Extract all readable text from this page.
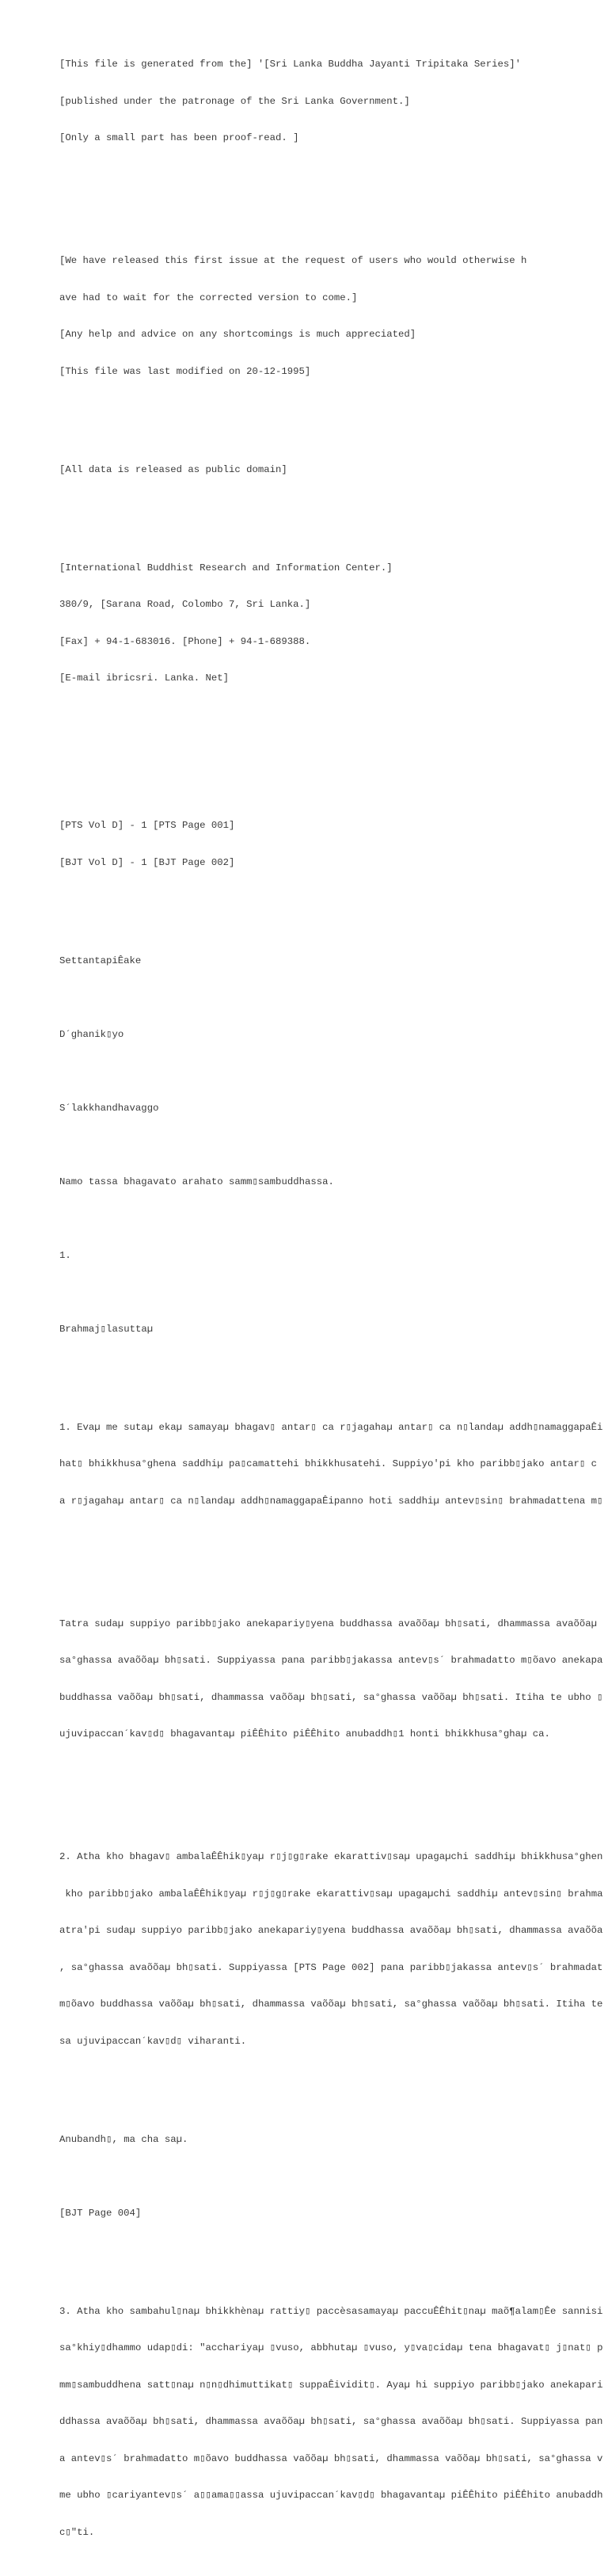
[This file is generated from the] '[Sri Lanka Buddha Jayanti Tripitaka Series]'

[published under the patronage of the Sri Lanka Government.]

[Only a small part has been proof-read. ]

[We have released this first issue at the request of users who would otherwise h

ave had to wait for the corrected version to come.]

[Any help and advice on any shortcomings is much appreciated]

[This file was last modified on 20-12-1995]

[All data is released as public domain]

[International Buddhist Research and Information Center.]

380/9, [Sarana Road, Colombo 7, Sri Lanka.]

[Fax] + 94-1-683016. [Phone] + 94-1-689388.

[E-mail ibricsri. Lanka. Net]

[PTS Vol D] - 1 [PTS Page 001]

[BJT Vol D] - 1 [BJT Page 002]

SettantapiÊake

D´ghanik▯yo

S´lakkhandhavaggo

Namo tassa bhagavato arahato samm▯sambuddhassa.

1.

Brahmaj▯lasuttaµ

1. Evaµ me sutaµ ekaµ samayaµ bhagav▯ antar▯ ca r▯jagahaµ antar▯ ca n▯landaµ addh▯namaggapaÊi

hat▯ bhikkhusa°ghena saddhiµ pa▯camattehi bhikkhusatehi. Suppiyo'pi kho paribb▯jako antar▯ c

a r▯jagahaµ antar▯ ca n▯landaµ addh▯namaggapaÊipanno hoti saddhiµ antev▯sin▯ brahmadattena m▯

Tatra sudaµ suppiyo paribb▯jako anekapariy▯yena buddhassa avaõõaµ bh▯sati, dhammassa avaõõaµ

sa°ghassa avaõõaµ bh▯sati. Suppiyassa pana paribb▯jakassa antev▯s´ brahmadatto m▯õavo anekapa

buddhassa vaõõaµ bh▯sati, dhammassa vaõõaµ bh▯sati, sa°ghassa vaõõaµ bh▯sati. Itiha te ubho ▯

ujuvipaccan´kav▯d▯ bhagavantaµ piÊÊhito piÊÊhito anubaddh▯1 honti bhikkhusa°ghaµ ca.

2. Atha kho bhagav▯ ambalaÊÊhik▯yaµ r▯j▯g▯rake ekarattiv▯saµ upagaµchi saddhiµ bhikkhusa°ghen

kho paribb▯jako ambalaÊÊhik▯yaµ r▯j▯g▯rake ekarattiv▯saµ upagaµchi saddhiµ antev▯sin▯ brahma

atra'pi sudaµ suppiyo paribb▯jako anekapariy▯yena buddhassa avaõõaµ bh▯sati, dhammassa avaõõa

, sa°ghassa avaõõaµ bh▯sati. Suppiyassa [PTS Page 002] pana paribb▯jakassa antev▯s´ brahmadat

m▯õavo buddhassa vaõõaµ bh▯sati, dhammassa vaõõaµ bh▯sati, sa°ghassa vaõõaµ bh▯sati. Itiha te

sa ujuvipaccan´kav▯d▯ viharanti.

Anubandh▯, ma cha saµ.

[BJT Page 004]

3. Atha kho sambahul▯naµ bhikkhènaµ rattiy▯ paccèsasamayaµ paccuÊÊhit▯naµ maõ¶alam▯Êe sannisi

sa°khiy▯dhammo udap▯di: "acchariyaµ ▯vuso, abbhutaµ ▯vuso, y▯va▯cidaµ tena bhagavat▯ j▯nat▯ p

mm▯sambuddhena satt▯naµ n▯n▯dhimuttikat▯ suppaÊividit▯. Ayaµ hi suppiyo paribb▯jako anekapari

ddhassa avaõõaµ bh▯sati, dhammassa avaõõaµ bh▯sati, sa°ghassa avaõõaµ bh▯sati. Suppiyassa pan

a antev▯s´ brahmadatto m▯õavo buddhassa vaõõaµ bh▯sati, dhammassa vaõõaµ bh▯sati, sa°ghassa v

me ubho ▯cariyantev▯s´ a▯▯ama▯▯assa ujuvipaccan´kav▯d▯ bhagavantaµ piÊÊhito piÊÊhito anubaddh

c▯"ti.
